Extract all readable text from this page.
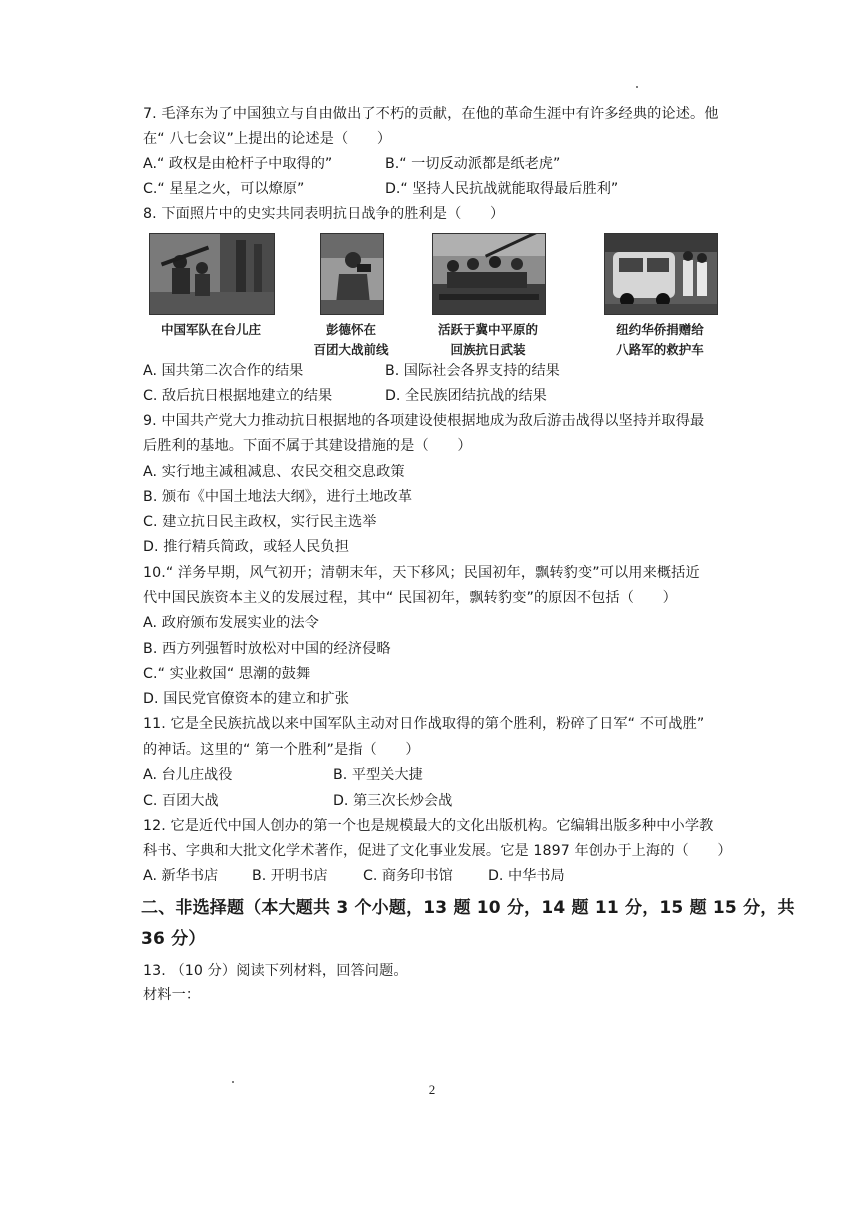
7. 毛泽东为了中国独立与自由做出了不朽的贡献，在他的革命生涯中有许多经典的论述。他
在“ 八七会议”上提出的论述是（　　）
A.“ 政权是由枪杆子中取得的”	B.“ 一切反动派都是纸老虎”
C.“ 星星之火，可以燎原”	D.“ 坚持人民抗战就能取得最后胜利”
8. 下面照片中的史实共同表明抗日战争的胜利是（　　）
中国军队在台儿庄	彭德怀在
百团大战前线
活跃于冀中平原的
回族抗日武装
纽约华侨捐赠给
八路军的救护车
A. 国共第二次合作的结果	B. 国际社会各界支持的结果
C. 敌后抗日根据地建立的结果	D. 全民族团结抗战的结果
9. 中国共产党大力推动抗日根据地的各项建设使根据地成为敌后游击战得以坚持并取得最
后胜利的基地。下面不属于其建设措施的是（　　）
A. 实行地主减租减息、农民交租交息政策
B. 颁布《中国土地法大纲》，进行土地改革
C. 建立抗日民主政权，实行民主选举
D. 推行精兵简政，或轻人民负担
10.“ 洋务早期，风气初开；清朝末年，天下移风；民国初年，飘转豹变”可以用来概括近
代中国民族资本主义的发展过程，其中“ 民国初年，飘转豹变”的原因不包括（　　）
A. 政府颁布发展实业的法令
B. 西方列强暂时放松对中国的经济侵略
C.“ 实业救国“ 思潮的鼓舞
D. 国民党官僚资本的建立和扩张
11. 它是全民族抗战以来中国军队主动对日作战取得的第个胜利，粉碎了日军“ 不可战胜”
的神话。这里的“ 第一个胜利”是指（　　）
A. 台儿庄战役	B. 平型关大捷
C. 百团大战	D. 第三次长炒会战
12. 它是近代中国人创办的第一个也是规模最大的文化出版机构。它编辑出版多种中小学教
科书、字典和大批文化学术著作，促进了文化事业发展。它是 1897 年创办于上海的（　　）
A. 新华书店 B. 开明书店 C. 商务印书馆 D. 中华书局
二、非选择题（本大题共 3 个小题，13 题 10 分，14 题 11 分，15 题 15 分，共
36 分）
13. （10 分）阅读下列材料，回答问题。
材料一：
2
